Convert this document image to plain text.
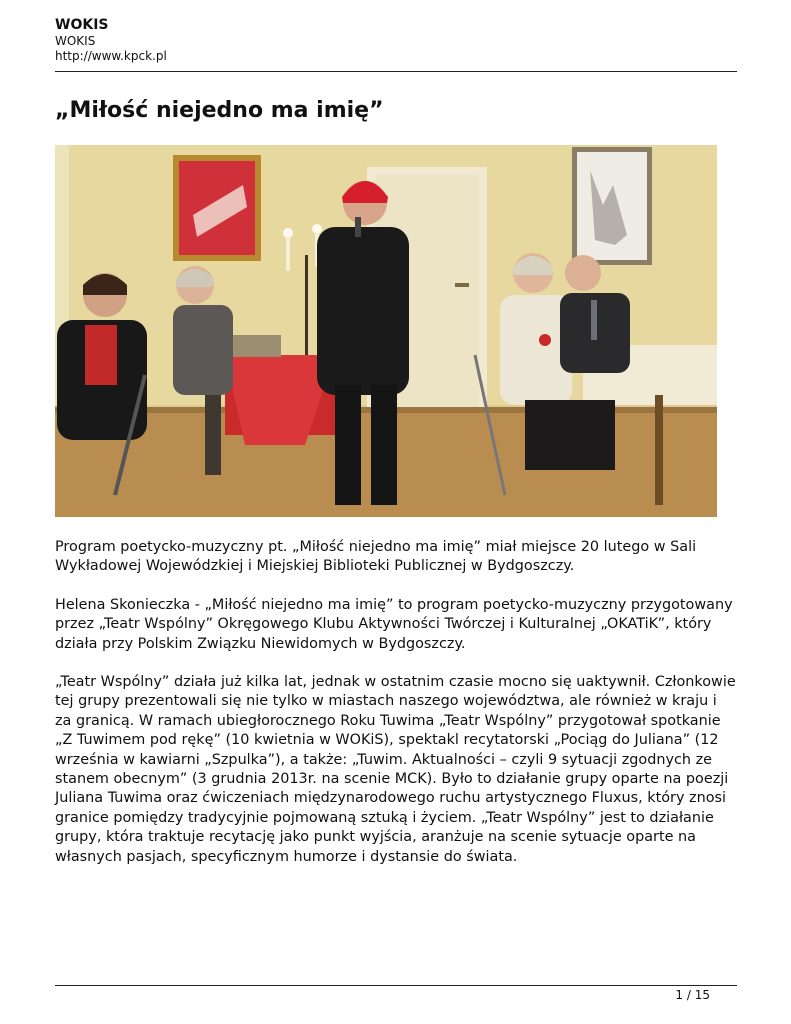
WOKIS
WOKIS
http://www.kpck.pl
„Miłość niejedno ma imię”

Program poetycko-muzyczny pt. „Miłość niejedno ma imię” miał miejsce 20 lutego w Sali Wykładowej Wojewódzkiej i Miejskiej Biblioteki Publicznej w Bydgoszczy.

Helena Skonieczka - „Miłość niejedno ma imię” to program poetycko-muzyczny przygotowany przez „Teatr Wspólny” Okręgowego Klubu Aktywności Twórczej i Kulturalnej „OKATiK”, który działa przy Polskim Związku Niewidomych w Bydgoszczy.

„Teatr Wspólny” działa już kilka lat, jednak w ostatnim czasie mocno się uaktywnił. Członkowie tej grupy prezentowali się nie tylko w miastach naszego województwa, ale również w kraju i za granicą. W ramach ubiegłorocznego Roku Tuwima „Teatr Wspólny” przygotował spotkanie „Z Tuwimem pod rękę” (10 kwietnia w WOKiS), spektakl recytatorski „Pociąg do Juliana” (12 września w kawiarni „Szpulka”), a także: „Tuwim. Aktualności – czyli 9 sytuacji zgodnych ze stanem obecnym” (3 grudnia 2013r. na scenie MCK). Było to działanie grupy oparte na poezji Juliana Tuwima oraz ćwiczeniach międzynarodowego ruchu artystycznego Fluxus, który znosi granice pomiędzy tradycyjnie pojmowaną sztuką i życiem. „Teatr Wspólny” jest to działanie grupy, która traktuje recytację jako punkt wyjścia, aranżuje na scenie sytuacje oparte na własnych pasjach, specyficznym humorze i dystansie do świata.

1 / 15
